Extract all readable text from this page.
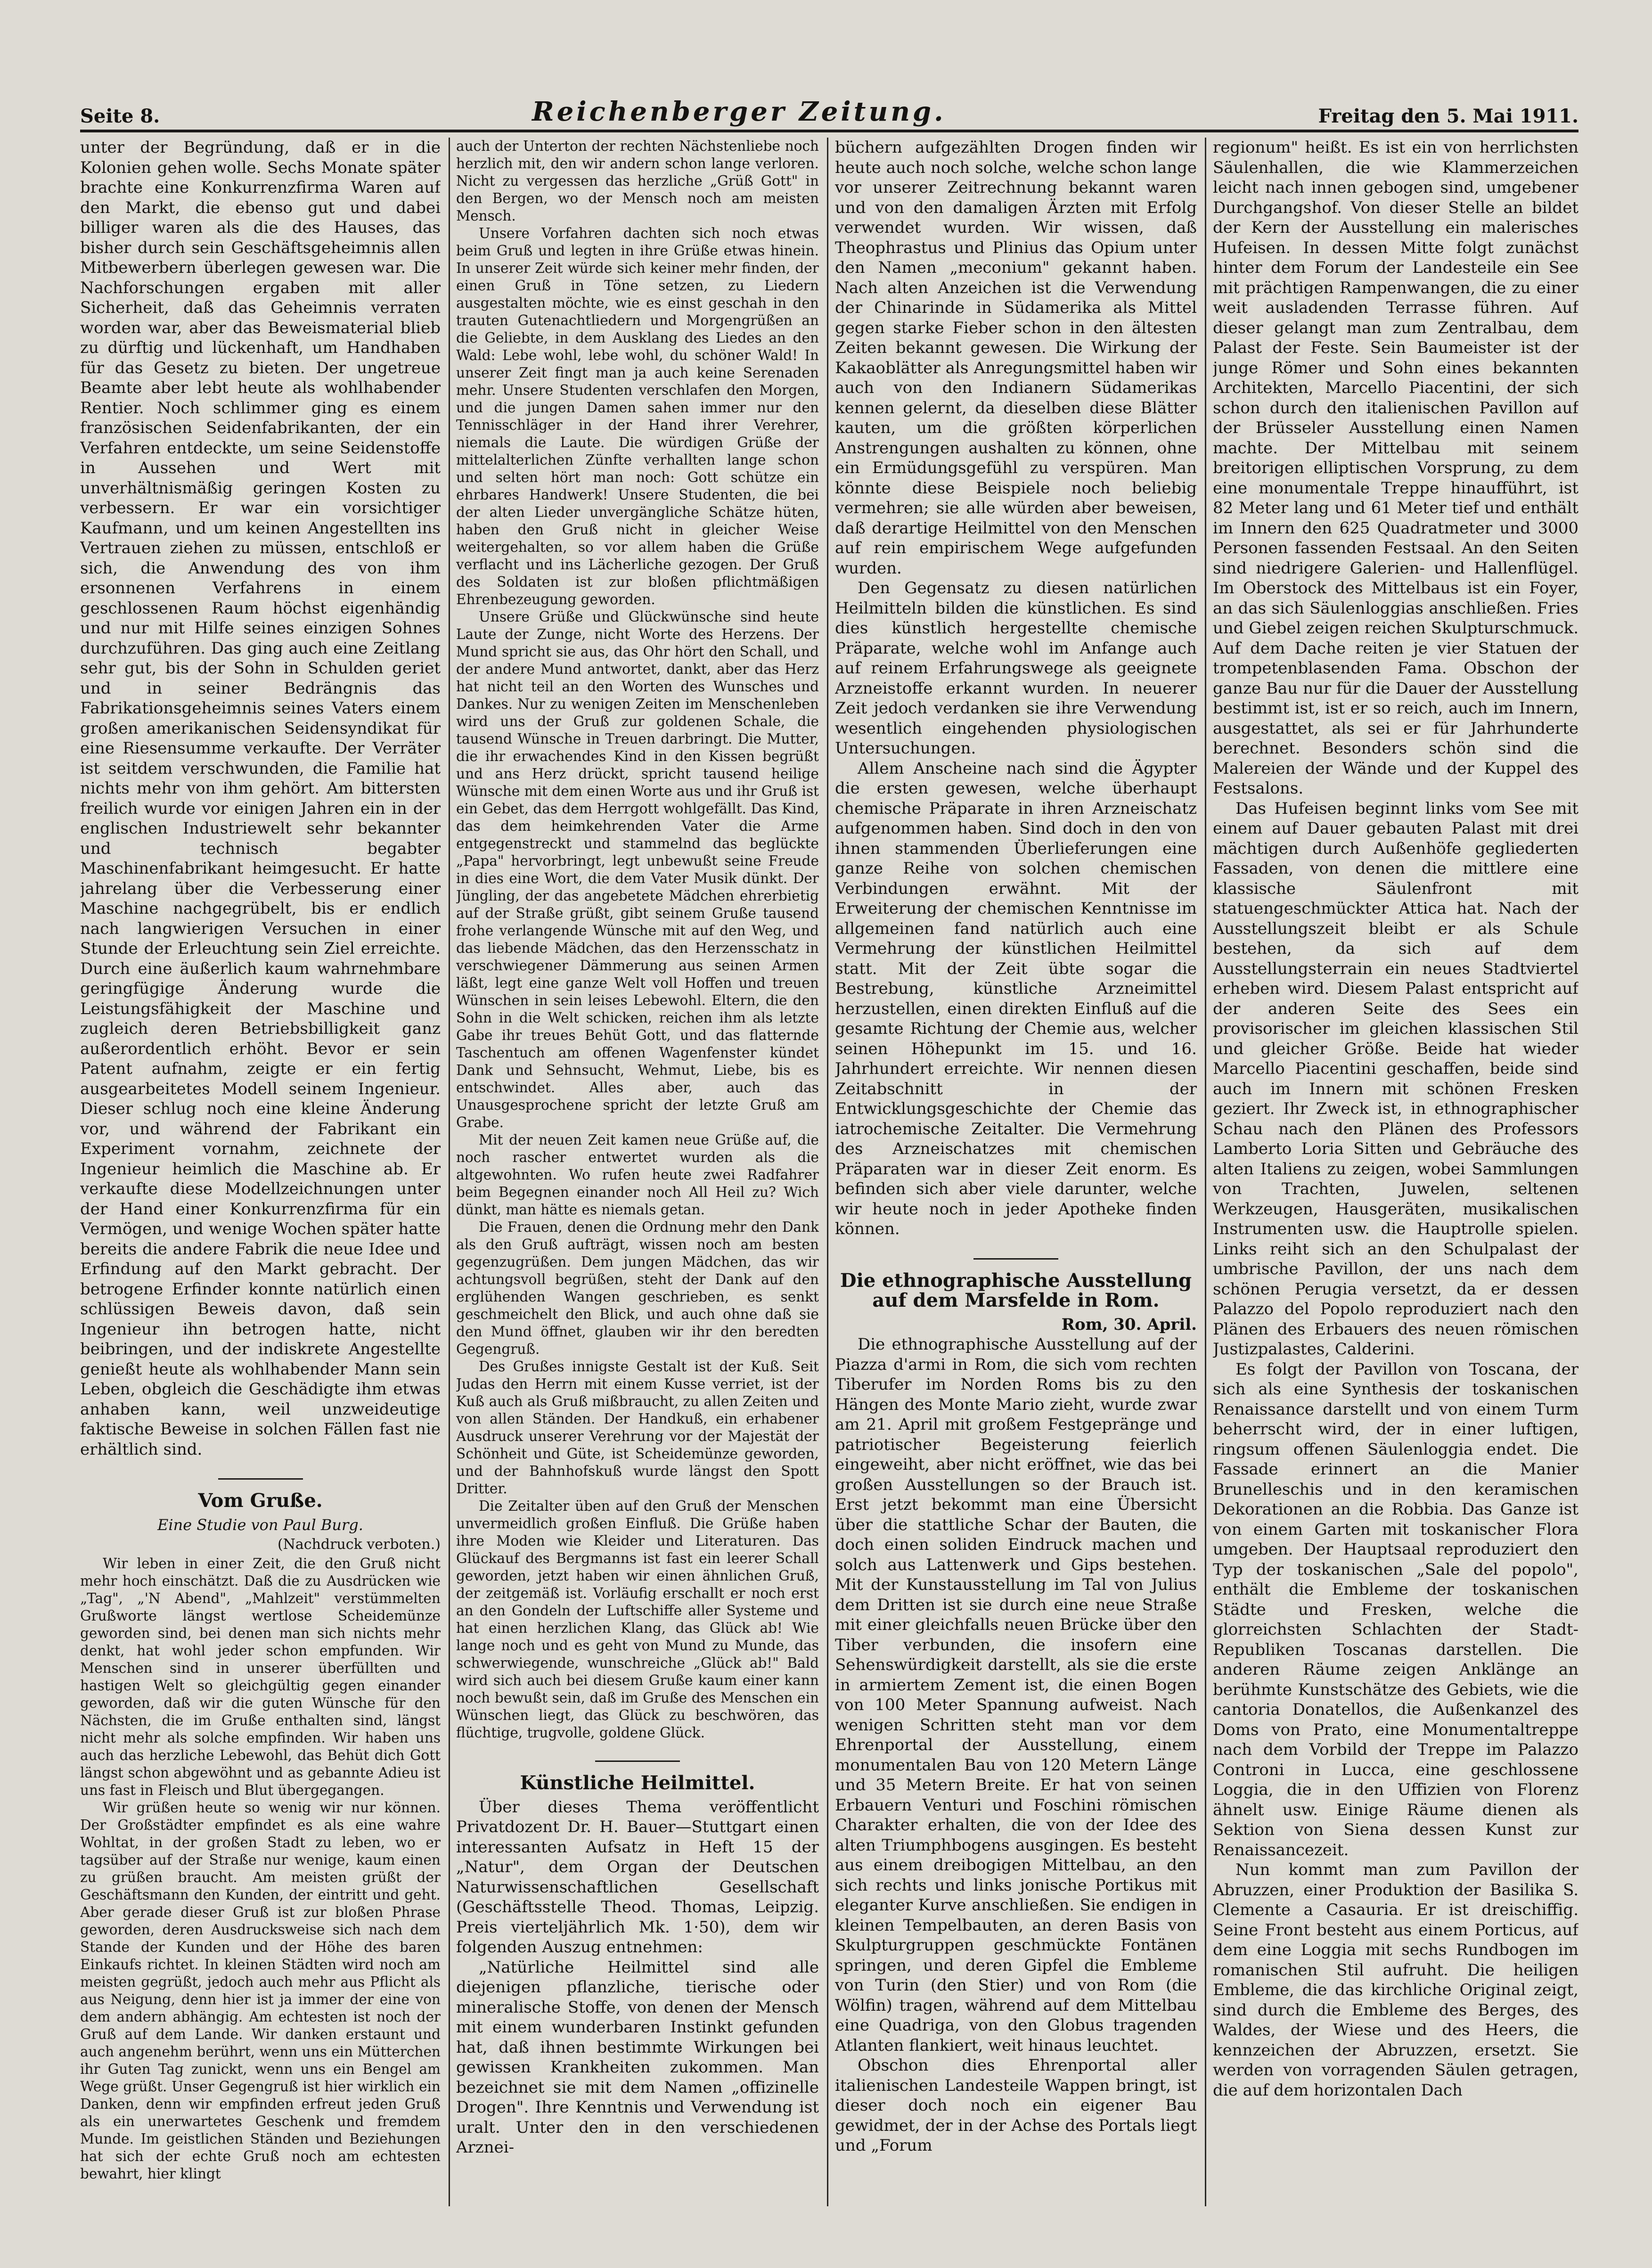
Seite 8.	Reichenberger Zeitung.	Freitag den 5. Mai 1911.

unter der Begründung, daß er in die Kolonien gehen wolle. Sechs Monate später brachte eine Konkurrenzfirma Waren auf den Markt, die ebenso gut und dabei billiger waren als die des Hauses, das bisher durch sein Geschäftsgeheimnis allen Mitbewerbern überlegen gewesen war. Die Nachforschungen ergaben mit aller Sicherheit, daß das Geheimnis verraten worden war, aber das Beweismaterial blieb zu dürftig und lückenhaft, um Handhaben für das Gesetz zu bieten. Der ungetreue Beamte aber lebt heute als wohlhabender Rentier. Noch schlimmer ging es einem französischen Seidenfabrikanten, der ein Verfahren entdeckte, um seine Seidenstoffe in Aussehen und Wert mit unverhältnismäßig geringen Kosten zu verbessern. Er war ein vorsichtiger Kaufmann, und um keinen Angestellten ins Vertrauen ziehen zu müssen, entschloß er sich, die Anwendung des von ihm ersonnenen Verfahrens in einem geschlossenen Raum höchst eigenhändig und nur mit Hilfe seines einzigen Sohnes durchzuführen. Das ging auch eine Zeitlang sehr gut, bis der Sohn in Schulden geriet und in seiner Bedrängnis das Fabrikationsgeheimnis seines Vaters einem großen amerikanischen Seidensyndikat für eine Riesensumme verkaufte. Der Verräter ist seitdem verschwunden, die Familie hat nichts mehr von ihm gehört. Am bittersten freilich wurde vor einigen Jahren ein in der englischen Industriewelt sehr bekannter und technisch begabter Maschinenfabrikant heimgesucht. Er hatte jahrelang über die Verbesserung einer Maschine nachgegrübelt, bis er endlich nach langwierigen Versuchen in einer Stunde der Erleuchtung sein Ziel erreichte. Durch eine äußerlich kaum wahrnehmbare geringfügige Änderung wurde die Leistungsfähigkeit der Maschine und zugleich deren Betriebsbilligkeit ganz außerordentlich erhöht. Bevor er sein Patent aufnahm, zeigte er ein fertig ausgearbeitetes Modell seinem Ingenieur. Dieser schlug noch eine kleine Änderung vor, und während der Fabrikant ein Experiment vornahm, zeichnete der Ingenieur heimlich die Maschine ab. Er verkaufte diese Modellzeichnungen unter der Hand einer Konkurrenzfirma für ein Vermögen, und wenige Wochen später hatte bereits die andere Fabrik die neue Idee und Erfindung auf den Markt gebracht. Der betrogene Erfinder konnte natürlich einen schlüssigen Beweis davon, daß sein Ingenieur ihn betrogen hatte, nicht beibringen, und der indiskrete Angestellte genießt heute als wohlhabender Mann sein Leben, obgleich die Geschädigte ihm etwas anhaben kann, weil unzweideutige faktische Beweise in solchen Fällen fast nie erhältlich sind.

Vom Gruße.

Eine Studie von Paul Burg.

(Nachdruck verboten.)

Wir leben in einer Zeit, die den Gruß nicht mehr hoch einschätzt. Daß die zu Ausdrücken wie „Tag", „'N Abend", „Mahlzeit" verstümmelten Grußworte längst wertlose Scheidemünze geworden sind, bei denen man sich nichts mehr denkt, hat wohl jeder schon empfunden. Wir Menschen sind in unserer überfüllten und hastigen Welt so gleichgültig gegen einander geworden, daß wir die guten Wünsche für den Nächsten, die im Gruße enthalten sind, längst nicht mehr als solche empfinden. Wir haben uns auch das herzliche Lebewohl, das Behüt dich Gott längst schon abgewöhnt und as gebannte Adieu ist uns fast in Fleisch und Blut übergegangen.

Wir grüßen heute so wenig wir nur können. Der Großstädter empfindet es als eine wahre Wohltat, in der großen Stadt zu leben, wo er tagsüber auf der Straße nur wenige, kaum einen zu grüßen braucht. Am meisten grüßt der Geschäftsmann den Kunden, der eintritt und geht. Aber gerade dieser Gruß ist zur bloßen Phrase geworden, deren Ausdrucksweise sich nach dem Stande der Kunden und der Höhe des baren Einkaufs richtet. In kleinen Städten wird noch am meisten gegrüßt, jedoch auch mehr aus Pflicht als aus Neigung, denn hier ist ja immer der eine von dem andern abhängig. Am echtesten ist noch der Gruß auf dem Lande. Wir danken erstaunt und auch angenehm berührt, wenn uns ein Mütterchen ihr Guten Tag zunickt, wenn uns ein Bengel am Wege grüßt. Unser Gegengruß ist hier wirklich ein Danken, denn wir empfinden erfreut jeden Gruß als ein unerwartetes Geschenk und fremdem Munde. Im geistlichen Ständen und Beziehungen hat sich der echte Gruß noch am echtesten bewahrt, hier klingt

auch der Unterton der rechten Nächstenliebe noch herzlich mit, den wir andern schon lange verloren. Nicht zu vergessen das herzliche „Grüß Gott" in den Bergen, wo der Mensch noch am meisten Mensch.

Unsere Vorfahren dachten sich noch etwas beim Gruß und legten in ihre Grüße etwas hinein. In unserer Zeit würde sich keiner mehr finden, der einen Gruß in Töne setzen, zu Liedern ausgestalten möchte, wie es einst geschah in den trauten Gutenachtliedern und Morgengrüßen an die Geliebte, in dem Ausklang des Liedes an den Wald: Lebe wohl, lebe wohl, du schöner Wald! In unserer Zeit fingt man ja auch keine Serenaden mehr. Unsere Studenten verschlafen den Morgen, und die jungen Damen sahen immer nur den Tennisschläger in der Hand ihrer Verehrer, niemals die Laute. Die würdigen Grüße der mittelalterlichen Zünfte verhallten lange schon und selten hört man noch: Gott schütze ein ehrbares Handwerk! Unsere Studenten, die bei der alten Lieder unvergängliche Schätze hüten, haben den Gruß nicht in gleicher Weise weitergehalten, so vor allem haben die Grüße verflacht und ins Lächerliche gezogen. Der Gruß des Soldaten ist zur bloßen pflichtmäßigen Ehrenbezeugung geworden.

Unsere Grüße und Glückwünsche sind heute Laute der Zunge, nicht Worte des Herzens. Der Mund spricht sie aus, das Ohr hört den Schall, und der andere Mund antwortet, dankt, aber das Herz hat nicht teil an den Worten des Wunsches und Dankes. Nur zu wenigen Zeiten im Menschenleben wird uns der Gruß zur goldenen Schale, die tausend Wünsche in Treuen darbringt. Die Mutter, die ihr erwachendes Kind in den Kissen begrüßt und ans Herz drückt, spricht tausend heilige Wünsche mit dem einen Worte aus und ihr Gruß ist ein Gebet, das dem Herrgott wohlgefällt. Das Kind, das dem heimkehrenden Vater die Arme entgegenstreckt und stammelnd das beglückte „Papa" hervorbringt, legt unbewußt seine Freude in dies eine Wort, die dem Vater Musik dünkt. Der Jüngling, der das angebetete Mädchen ehrerbietig auf der Straße grüßt, gibt seinem Gruße tausend frohe verlangende Wünsche mit auf den Weg, und das liebende Mädchen, das den Herzensschatz in verschwiegener Dämmerung aus seinen Armen läßt, legt eine ganze Welt voll Hoffen und treuen Wünschen in sein leises Lebewohl. Eltern, die den Sohn in die Welt schicken, reichen ihm als letzte Gabe ihr treues Behüt Gott, und das flatternde Taschentuch am offenen Wagenfenster kündet Dank und Sehnsucht, Wehmut, Liebe, bis es entschwindet. Alles aber, auch das Unausgesprochene spricht der letzte Gruß am Grabe.

Mit der neuen Zeit kamen neue Grüße auf, die noch rascher entwertet wurden als die altgewohnten. Wo rufen heute zwei Radfahrer beim Begegnen einander noch All Heil zu? Wich dünkt, man hätte es niemals getan.

Die Frauen, denen die Ordnung mehr den Dank als den Gruß aufträgt, wissen noch am besten gegenzugrüßen. Dem jungen Mädchen, das wir achtungsvoll begrüßen, steht der Dank auf den erglühenden Wangen geschrieben, es senkt geschmeichelt den Blick, und auch ohne daß sie den Mund öffnet, glauben wir ihr den beredten Gegengruß.

Des Grußes innigste Gestalt ist der Kuß. Seit Judas den Herrn mit einem Kusse verriet, ist der Kuß auch als Gruß mißbraucht, zu allen Zeiten und von allen Ständen. Der Handkuß, ein erhabener Ausdruck unserer Verehrung vor der Majestät der Schönheit und Güte, ist Scheidemünze geworden, und der Bahnhofskuß wurde längst den Spott Dritter.

Die Zeitalter üben auf den Gruß der Menschen unvermeidlich großen Einfluß. Die Grüße haben ihre Moden wie Kleider und Literaturen. Das Glückauf des Bergmanns ist fast ein leerer Schall geworden, jetzt haben wir einen ähnlichen Gruß, der zeitgemäß ist. Vorläufig erschallt er noch erst an den Gondeln der Luftschiffe aller Systeme und hat einen herzlichen Klang, das Glück ab! Wie lange noch und es geht von Mund zu Munde, das schwerwiegende, wunschreiche „Glück ab!" Bald wird sich auch bei diesem Gruße kaum einer kann noch bewußt sein, daß im Gruße des Menschen ein Wünschen liegt, das Glück zu beschwören, das flüchtige, trugvolle, goldene Glück.

Künstliche Heilmittel.

Über dieses Thema veröffentlicht Privatdozent Dr. H. Bauer—Stuttgart einen interessanten Aufsatz in Heft 15 der „Natur", dem Organ der Deutschen Naturwissenschaftlichen Gesellschaft (Geschäftsstelle Theod. Thomas, Leipzig. Preis vierteljährlich Mk. 1·50), dem wir folgenden Auszug entnehmen:

„Natürliche Heilmittel sind alle diejenigen pflanzliche, tierische oder mineralische Stoffe, von denen der Mensch mit einem wunderbaren Instinkt gefunden hat, daß ihnen bestimmte Wirkungen bei gewissen Krankheiten zukommen. Man bezeichnet sie mit dem Namen „offizinelle Drogen". Ihre Kenntnis und Verwendung ist uralt. Unter den in den verschiedenen Arznei-

büchern aufgezählten Drogen finden wir heute auch noch solche, welche schon lange vor unserer Zeitrechnung bekannt waren und von den damaligen Ärzten mit Erfolg verwendet wurden. Wir wissen, daß Theophrastus und Plinius das Opium unter den Namen „meconium" gekannt haben. Nach alten Anzeichen ist die Verwendung der Chinarinde in Südamerika als Mittel gegen starke Fieber schon in den ältesten Zeiten bekannt gewesen. Die Wirkung der Kakaoblätter als Anregungsmittel haben wir auch von den Indianern Südamerikas kennen gelernt, da dieselben diese Blätter kauten, um die größten körperlichen Anstrengungen aushalten zu können, ohne ein Ermüdungsgefühl zu verspüren. Man könnte diese Beispiele noch beliebig vermehren; sie alle würden aber beweisen, daß derartige Heilmittel von den Menschen auf rein empirischem Wege aufgefunden wurden.

Den Gegensatz zu diesen natürlichen Heilmitteln bilden die künstlichen. Es sind dies künstlich hergestellte chemische Präparate, welche wohl im Anfange auch auf reinem Erfahrungswege als geeignete Arzneistoffe erkannt wurden. In neuerer Zeit jedoch verdanken sie ihre Verwendung wesentlich eingehenden physiologischen Untersuchungen.

Allem Anscheine nach sind die Ägypter die ersten gewesen, welche überhaupt chemische Präparate in ihren Arzneischatz aufgenommen haben. Sind doch in den von ihnen stammenden Überlieferungen eine ganze Reihe von solchen chemischen Verbindungen erwähnt. Mit der Erweiterung der chemischen Kenntnisse im allgemeinen fand natürlich auch eine Vermehrung der künstlichen Heilmittel statt. Mit der Zeit übte sogar die Bestrebung, künstliche Arzneimittel herzustellen, einen direkten Einfluß auf die gesamte Richtung der Chemie aus, welcher seinen Höhepunkt im 15. und 16. Jahrhundert erreichte. Wir nennen diesen Zeitabschnitt in der Entwicklungsgeschichte der Chemie das iatrochemische Zeitalter. Die Vermehrung des Arzneischatzes mit chemischen Präparaten war in dieser Zeit enorm. Es befinden sich aber viele darunter, welche wir heute noch in jeder Apotheke finden können.

Die ethnographische Ausstellung auf dem Marsfelde in Rom.

Rom, 30. April.

Die ethnographische Ausstellung auf der Piazza d'armi in Rom, die sich vom rechten Tiberufer im Norden Roms bis zu den Hängen des Monte Mario zieht, wurde zwar am 21. April mit großem Festgepränge und patriotischer Begeisterung feierlich eingeweiht, aber nicht eröffnet, wie das bei großen Ausstellungen so der Brauch ist. Erst jetzt bekommt man eine Übersicht über die stattliche Schar der Bauten, die doch einen soliden Eindruck machen und solch aus Lattenwerk und Gips bestehen. Mit der Kunstausstellung im Tal von Julius dem Dritten ist sie durch eine neue Straße mit einer gleichfalls neuen Brücke über den Tiber verbunden, die insofern eine Sehenswürdigkeit darstellt, als sie die erste in armiertem Zement ist, die einen Bogen von 100 Meter Spannung aufweist. Nach wenigen Schritten steht man vor dem Ehrenportal der Ausstellung, einem monumentalen Bau von 120 Metern Länge und 35 Metern Breite. Er hat von seinen Erbauern Venturi und Foschini römischen Charakter erhalten, die von der Idee des alten Triumphbogens ausgingen. Es besteht aus einem dreibogigen Mittelbau, an den sich rechts und links jonische Portikus mit eleganter Kurve anschließen. Sie endigen in kleinen Tempelbauten, an deren Basis von Skulpturgruppen geschmückte Fontänen springen, und deren Gipfel die Embleme von Turin (den Stier) und von Rom (die Wölfin) tragen, während auf dem Mittelbau eine Quadriga, von den Globus tragenden Atlanten flankiert, weit hinaus leuchtet.

Obschon dies Ehrenportal aller italienischen Landesteile Wappen bringt, ist dieser doch noch ein eigener Bau gewidmet, der in der Achse des Portals liegt und „Forum

regionum" heißt. Es ist ein von herrlichsten Säulenhallen, die wie Klammerzeichen leicht nach innen gebogen sind, umgebener Durchgangshof. Von dieser Stelle an bildet der Kern der Ausstellung ein malerisches Hufeisen. In dessen Mitte folgt zunächst hinter dem Forum der Landesteile ein See mit prächtigen Rampenwangen, die zu einer weit ausladenden Terrasse führen. Auf dieser gelangt man zum Zentralbau, dem Palast der Feste. Sein Baumeister ist der junge Römer und Sohn eines bekannten Architekten, Marcello Piacentini, der sich schon durch den italienischen Pavillon auf der Brüsseler Ausstellung einen Namen machte. Der Mittelbau mit seinem breitorigen elliptischen Vorsprung, zu dem eine monumentale Treppe hinaufführt, ist 82 Meter lang und 61 Meter tief und enthält im Innern den 625 Quadratmeter und 3000 Personen fassenden Festsaal. An den Seiten sind niedrigere Galerien- und Hallenflügel. Im Oberstock des Mittelbaus ist ein Foyer, an das sich Säulenloggias anschließen. Fries und Giebel zeigen reichen Skulpturschmuck. Auf dem Dache reiten je vier Statuen der trompetenblasenden Fama. Obschon der ganze Bau nur für die Dauer der Ausstellung bestimmt ist, ist er so reich, auch im Innern, ausgestattet, als sei er für Jahrhunderte berechnet. Besonders schön sind die Malereien der Wände und der Kuppel des Festsalons.

Das Hufeisen beginnt links vom See mit einem auf Dauer gebauten Palast mit drei mächtigen durch Außenhöfe gegliederten Fassaden, von denen die mittlere eine klassische Säulenfront mit statuengeschmückter Attica hat. Nach der Ausstellungszeit bleibt er als Schule bestehen, da sich auf dem Ausstellungsterrain ein neues Stadtviertel erheben wird. Diesem Palast entspricht auf der anderen Seite des Sees ein provisorischer im gleichen klassischen Stil und gleicher Größe. Beide hat wieder Marcello Piacentini geschaffen, beide sind auch im Innern mit schönen Fresken geziert. Ihr Zweck ist, in ethnographischer Schau nach den Plänen des Professors Lamberto Loria Sitten und Gebräuche des alten Italiens zu zeigen, wobei Sammlungen von Trachten, Juwelen, seltenen Werkzeugen, Hausgeräten, musikalischen Instrumenten usw. die Hauptrolle spielen. Links reiht sich an den Schulpalast der umbrische Pavillon, der uns nach dem schönen Perugia versetzt, da er dessen Palazzo del Popolo reproduziert nach den Plänen des Erbauers des neuen römischen Justizpalastes, Calderini.

Es folgt der Pavillon von Toscana, der sich als eine Synthesis der toskanischen Renaissance darstellt und von einem Turm beherrscht wird, der in einer luftigen, ringsum offenen Säulenloggia endet. Die Fassade erinnert an die Manier Brunelleschis und in den keramischen Dekorationen an die Robbia. Das Ganze ist von einem Garten mit toskanischer Flora umgeben. Der Hauptsaal reproduziert den Typ der toskanischen „Sale del popolo", enthält die Embleme der toskanischen Städte und Fresken, welche die glorreichsten Schlachten der Stadt-Republiken Toscanas darstellen. Die anderen Räume zeigen Anklänge an berühmte Kunstschätze des Gebiets, wie die cantoria Donatellos, die Außenkanzel des Doms von Prato, eine Monumentaltreppe nach dem Vorbild der Treppe im Palazzo Controni in Lucca, eine geschlossene Loggia, die in den Uffizien von Florenz ähnelt usw. Einige Räume dienen als Sektion von Siena dessen Kunst zur Renaissancezeit.

Nun kommt man zum Pavillon der Abruzzen, einer Produktion der Basilika S. Clemente a Casauria. Er ist dreischiffig. Seine Front besteht aus einem Porticus, auf dem eine Loggia mit sechs Rundbogen im romanischen Stil aufruht. Die heiligen Embleme, die das kirchliche Original zeigt, sind durch die Embleme des Berges, des Waldes, der Wiese und des Heers, die kennzeichen der Abruzzen, ersetzt. Sie werden von vorragenden Säulen getragen, die auf dem horizontalen Dach
